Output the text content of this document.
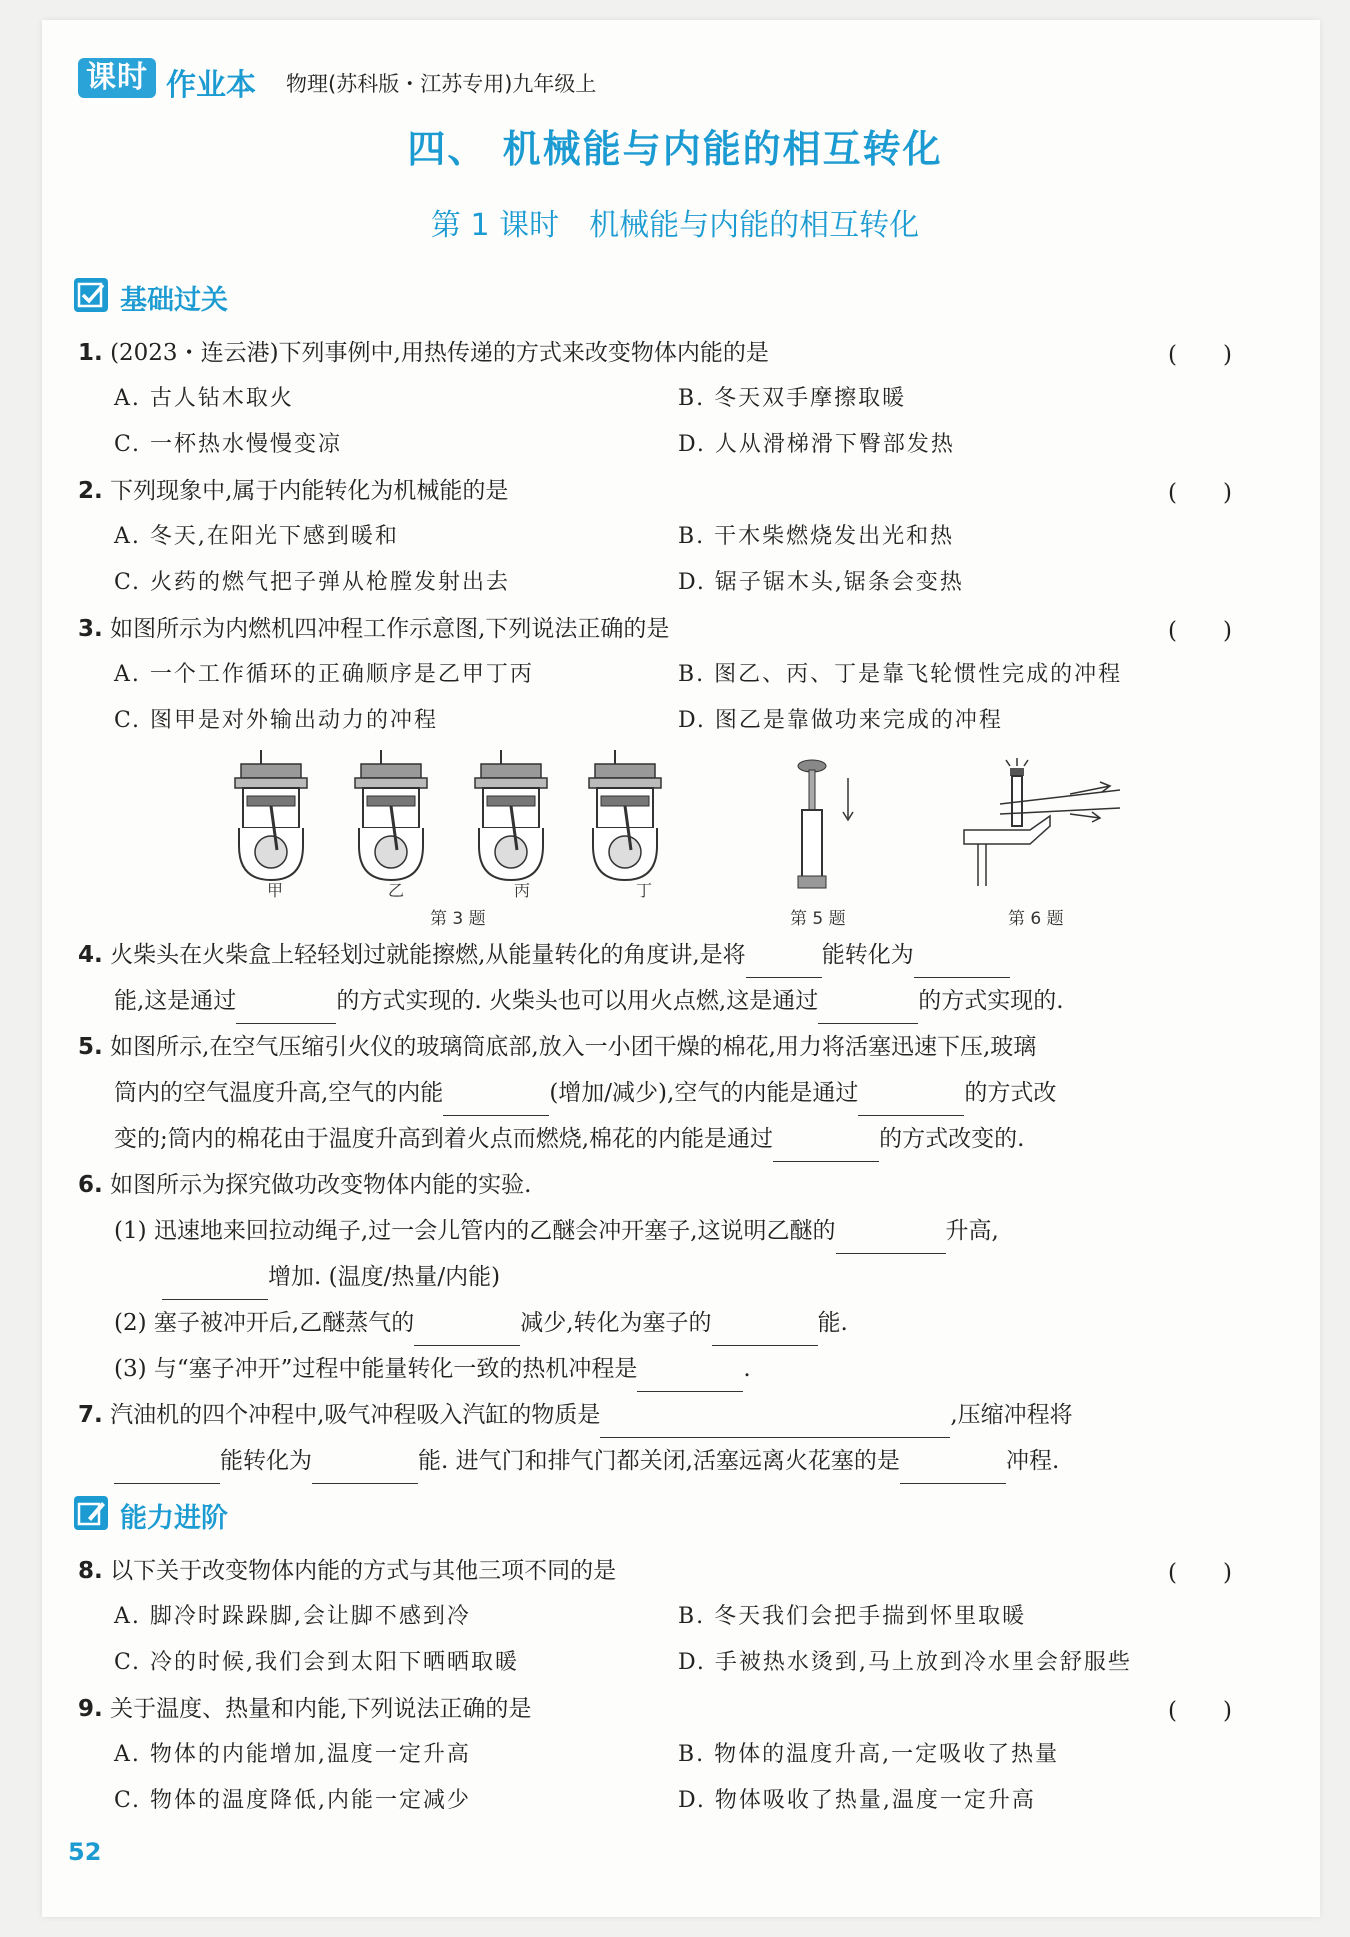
课时 作业本 物理(苏科版・江苏专用)九年级上
四、 机械能与内能的相互转化
第 1 课时　机械能与内能的相互转化
基础过关
1. (2023・连云港)下列事例中,用热传递的方式来改变物体内能的是	(　　)
A. 古人钻木取火	B. 冬天双手摩擦取暖
C. 一杯热水慢慢变凉	D. 人从滑梯滑下臀部发热
2. 下列现象中,属于内能转化为机械能的是	(　　)
A. 冬天,在阳光下感到暖和	B. 干木柴燃烧发出光和热
C. 火药的燃气把子弹从枪膛发射出去	D. 锯子锯木头,锯条会变热
3. 如图所示为内燃机四冲程工作示意图,下列说法正确的是	(　　)
A. 一个工作循环的正确顺序是乙甲丁丙	B. 图乙、丙、丁是靠飞轮惯性完成的冲程
C. 图甲是对外输出动力的冲程	D. 图乙是靠做功来完成的冲程
甲	乙	丙	丁
第 3 题	第 5 题	第 6 题
4. 火柴头在火柴盒上轻轻划过就能擦燃,从能量转化的角度讲,是将	能转化为
能,这是通过	的方式实现的. 火柴头也可以用火点燃,这是通过	的方式实现的.
5. 如图所示,在空气压缩引火仪的玻璃筒底部,放入一小团干燥的棉花,用力将活塞迅速下压,玻璃
筒内的空气温度升高,空气的内能	(增加/减少),空气的内能是通过	的方式改
变的;筒内的棉花由于温度升高到着火点而燃烧,棉花的内能是通过	的方式改变的.
6. 如图所示为探究做功改变物体内能的实验.
(1) 迅速地来回拉动绳子,过一会儿管内的乙醚会冲开塞子,这说明乙醚的	升高,
增加. (温度/热量/内能)
(2) 塞子被冲开后,乙醚蒸气的	减少,转化为塞子的	能.
(3) 与“塞子冲开”过程中能量转化一致的热机冲程是	.
7. 汽油机的四个冲程中,吸气冲程吸入汽缸的物质是	,压缩冲程将
能转化为	能. 进气门和排气门都关闭,活塞远离火花塞的是	冲程.
能力进阶
8. 以下关于改变物体内能的方式与其他三项不同的是	(　　)
A. 脚冷时跺跺脚,会让脚不感到冷	B. 冬天我们会把手揣到怀里取暖
C. 冷的时候,我们会到太阳下晒晒取暖	D. 手被热水烫到,马上放到冷水里会舒服些
9. 关于温度、热量和内能,下列说法正确的是	(　　)
A. 物体的内能增加,温度一定升高	B. 物体的温度升高,一定吸收了热量
C. 物体的温度降低,内能一定减少	D. 物体吸收了热量,温度一定升高
52
